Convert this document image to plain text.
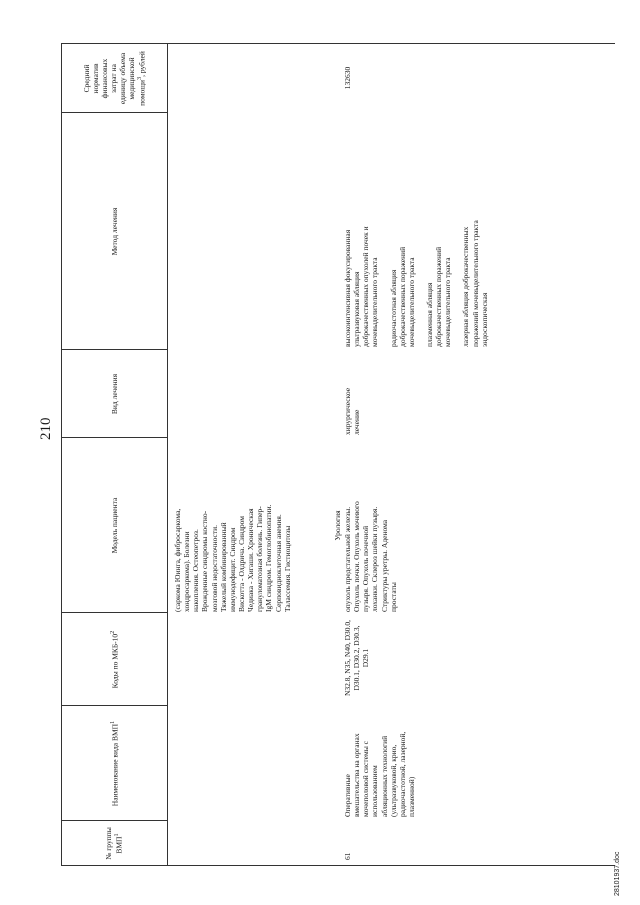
210
28101937.doc
№ группы ВМП$^1$
Наименование вида ВМП$^1$
Коды по МКБ-$10^2$
Модель пациента
Вид лечения
Метод лечения
Средний норматив финансовых затрат на единицу объема медицинской помощи$^3$, рублей
(саркома Юинга, фибросаркома, хондросаркома). Болезни накопления. Остеопетроз. Врожденные синдромы костно- мозговой недостаточности. Тяжелый комбинированный иммунодефицит. Синдром Вискотта - Олдрича. Синдром Чедиака - Хигаши. Хроническая грануломатозная болезнь. Гипер- IgM синдром. Гемоглобинопатии. Серповидноклеточная анемия. Талассемия. Гистиоцитозы
Урология
61
Оперативные вмешательства на органах мочеполовой системы с использованием абляционных технологий (ультразвуковой, крио, радиочастотной, лазерной, плазменной)
N32.8, N35, N40, D30.0, D30.1, D30.2, D30.3, D29.1
опухоль предстательной железы. Опухоль почки. Опухоль мочевого пузыря. Опухоль почечной лоханки. Склероз шейки пузыря. Стриктуры уретры. Аденома простаты
хирургическое лечение
высокоинтенсивная фокусированная ультразвуковая абляция доброкачественных опухолей почек и мочевыделительного тракта радиочастотная абляция доброкачественных поражений мочевыделительного тракта плазменная абляция доброкачественных поражений мочевыделительного тракта лазерная абляция доброкачественных поражений мочевыделительного тракта эндоскопическая
132630
